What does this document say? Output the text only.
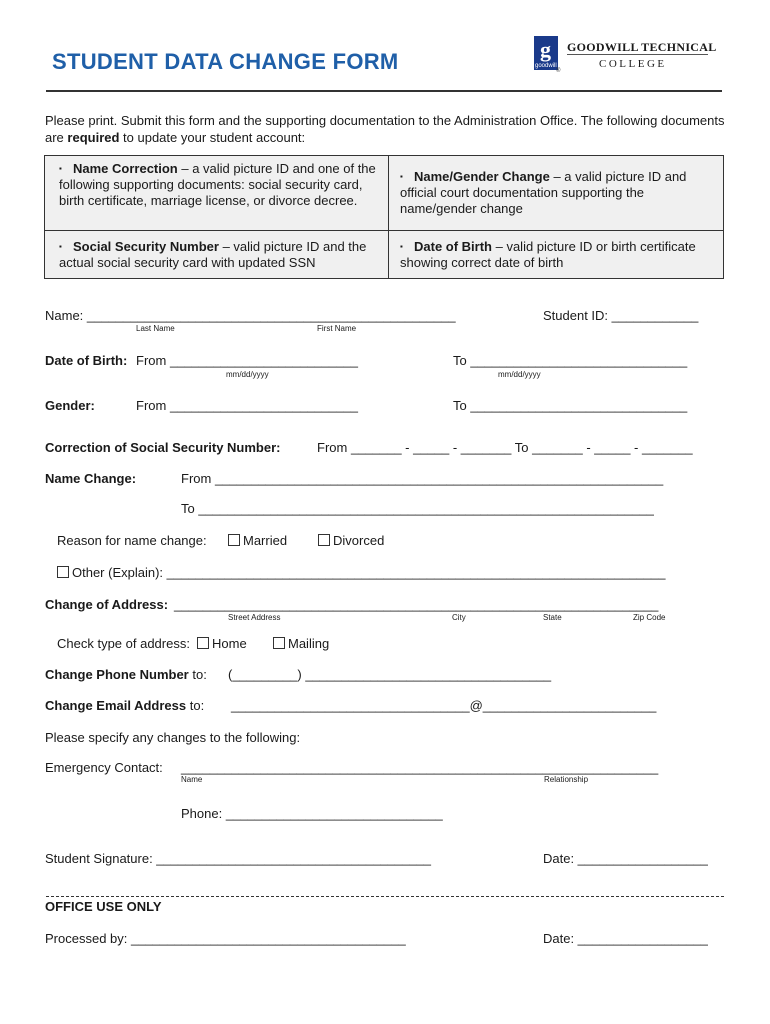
STUDENT DATA CHANGE FORM	g
goodwill
®
GOODWILL TECHNICAL
COLLEGE
Please print. Submit this form and the supporting documentation to the Administration Office. The following documents are required to update your student account:
▪ Name Correction – a valid picture ID and one of the following supporting documents: social security card, birth certificate, marriage license, or divorce decree.
▪ Name/Gender Change – a valid picture ID and official court documentation supporting the name/gender change
▪ Social Security Number – valid picture ID and the actual social security card with updated SSN
▪ Date of Birth – valid picture ID or birth certificate showing correct date of birth
Name: ___________________________________________________
Last Name	First Name
Student ID: ____________
Date of Birth: From __________________________
mm/dd/yyyy
To ______________________________
mm/dd/yyyy
Gender:	From __________________________	To ______________________________
Correction of Social Security Number:	From _______ - _____ - _______ To _______ - _____ - _______
Name Change:	From ______________________________________________________________
To _______________________________________________________________
Reason for name change:	Married	Divorced
Other (Explain): _____________________________________________________________________
Change of Address: ___________________________________________________________________
Street Address	City	State	Zip Code
Check type of address:	Home	Mailing
Change Phone Number to: (_________) __________________________________
Change Email Address to: _________________________________@________________________
Please specify any changes to the following:
Emergency Contact: __________________________________________________________________
Name	Relationship
Phone: ______________________________
Student Signature: ______________________________________	Date: __________________
OFFICE USE ONLY
Processed by: ______________________________________	Date: __________________
